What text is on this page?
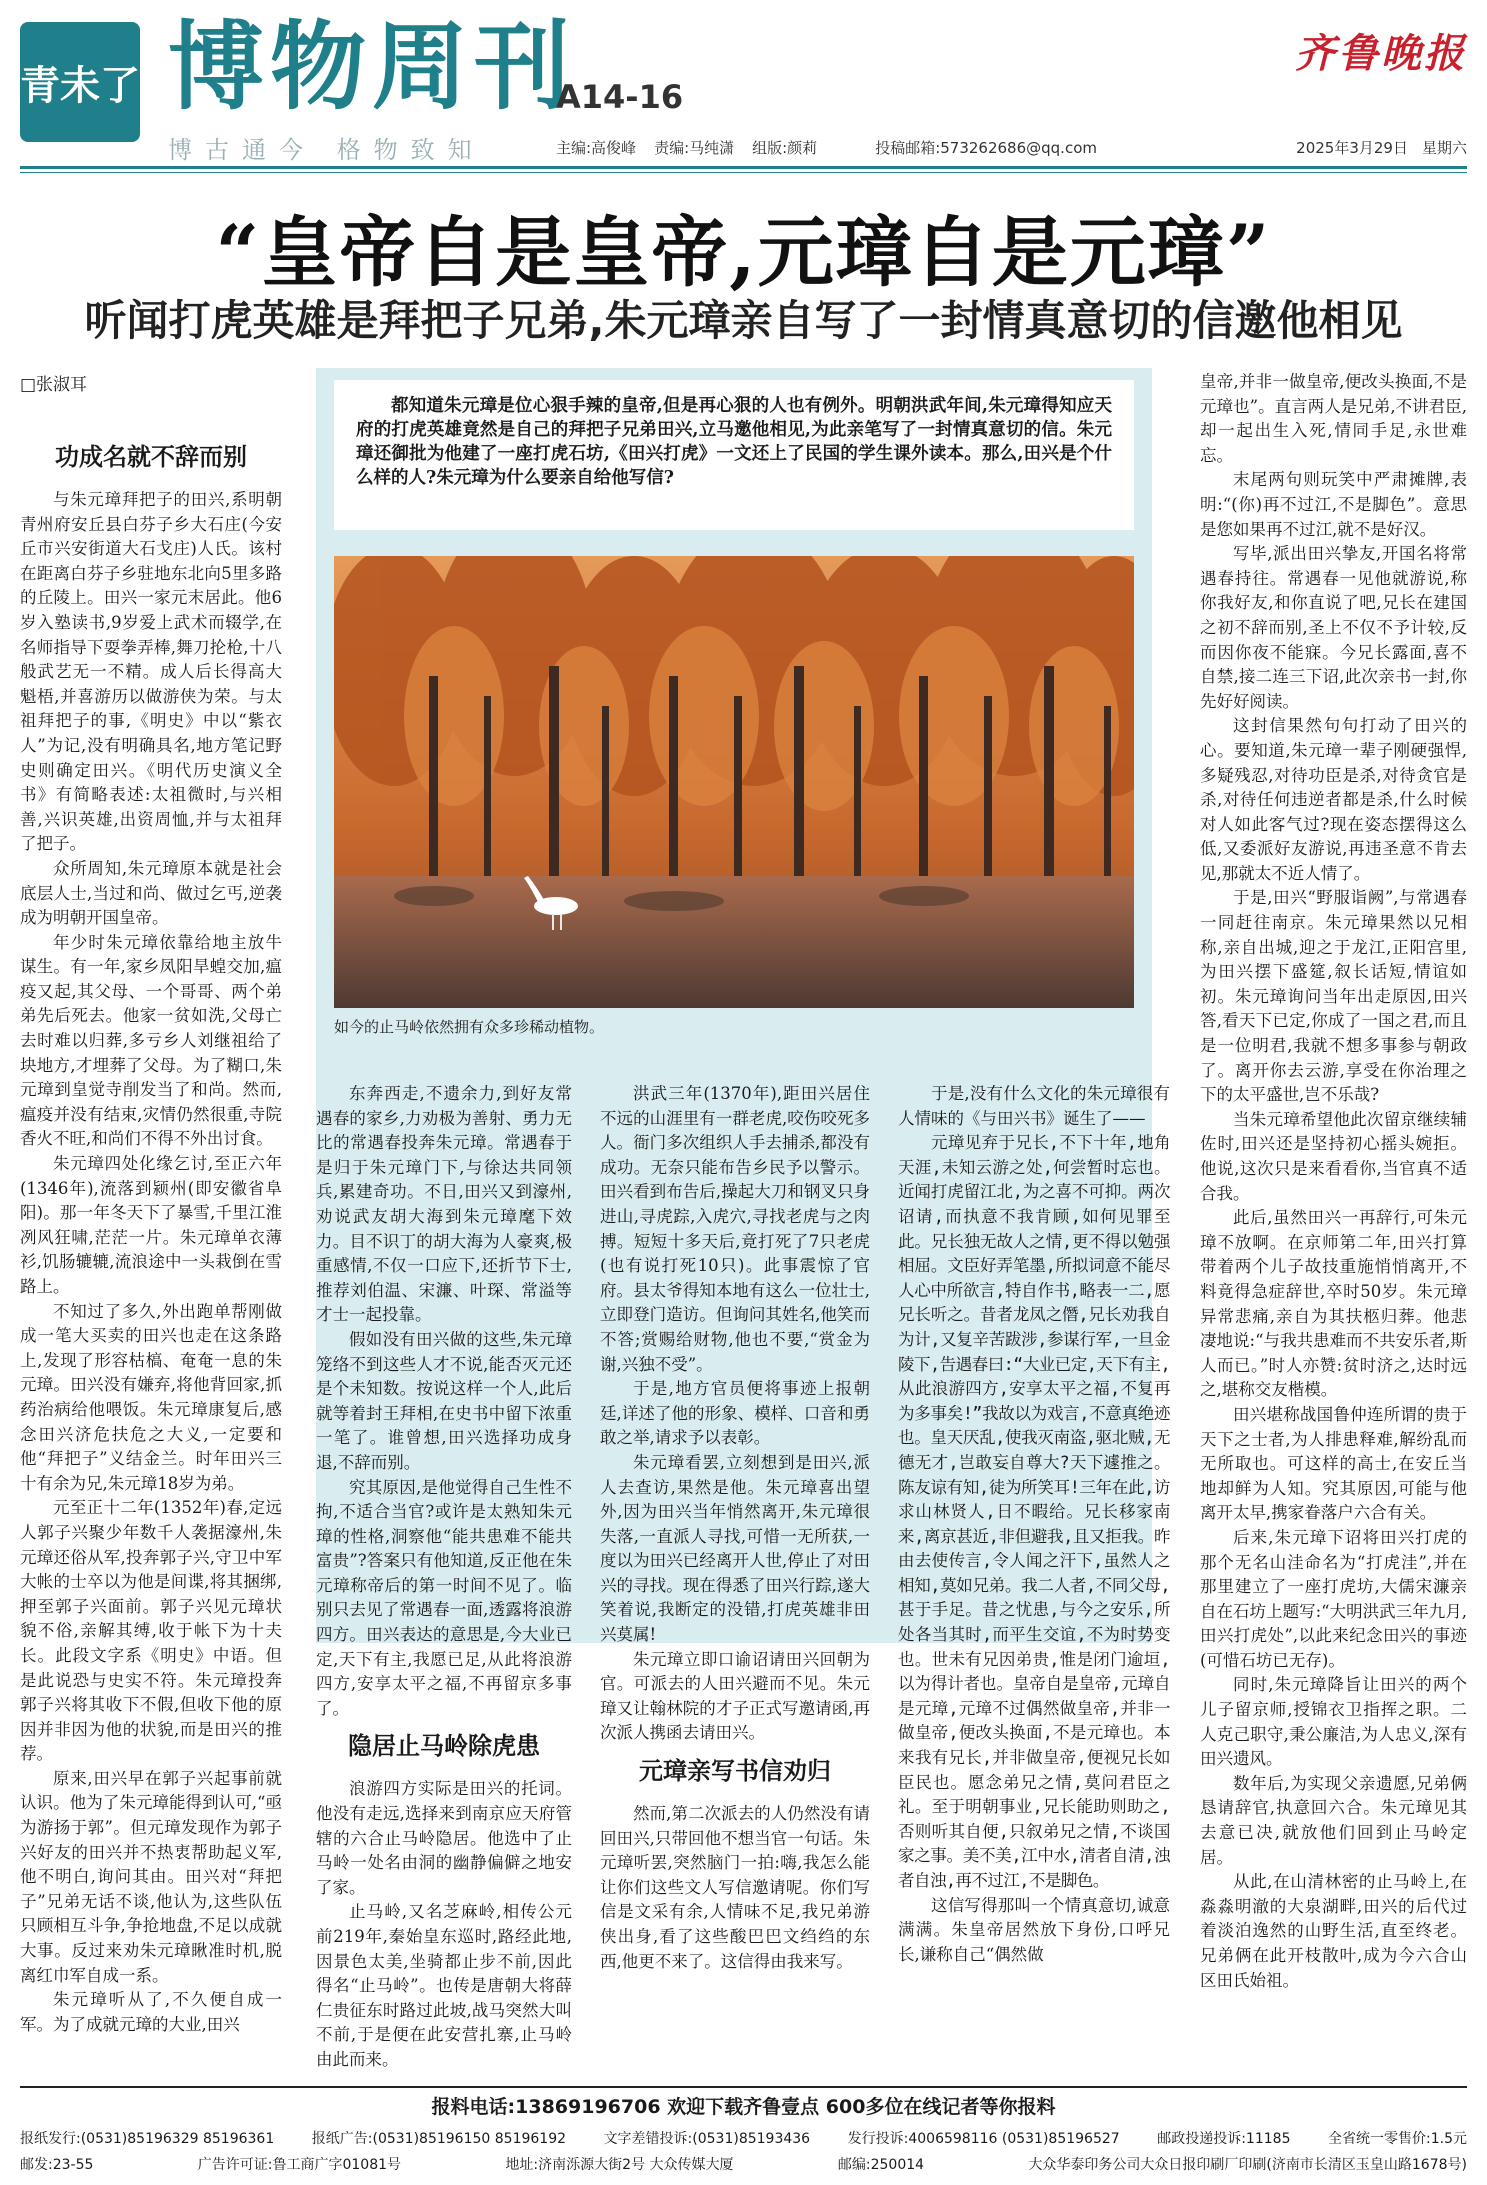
青未了 博物周刊
A14-16
博古通今 格物致知	主编:高俊峰 责编:马纯潇 组版:颜莉	投稿邮箱:573262686@qq.com	2025年3月29日 星期六
齐鲁晚报
“皇帝自是皇帝,元璋自是元璋”
听闻打虎英雄是拜把子兄弟,朱元璋亲自写了一封情真意切的信邀他相见
□张淑耳
都知道朱元璋是位心狠手辣的皇帝,但是再心狠的人也有例外。明朝洪武年间,朱元璋得知应天府的打虎英雄竟然是自己的拜把子兄弟田兴,立马邀他相见,为此亲笔写了一封情真意切的信。朱元璋还御批为他建了一座打虎石坊,《田兴打虎》一文还上了民国的学生课外读本。那么,田兴是个什么样的人?朱元璋为什么要亲自给他写信?
如今的止马岭依然拥有众多珍稀动植物。
功成名就不辞而别

与朱元璋拜把子的田兴,系明朝青州府安丘县白芬子乡大石庄(今安丘市兴安街道大石戈庄)人氏。该村在距离白芬子乡驻地东北向5里多路的丘陵上。田兴一家元末居此。他6岁入塾读书,9岁爱上武术而辍学,在名师指导下耍拳弄棒,舞刀抡枪,十八般武艺无一不精。成人后长得高大魁梧,并喜游历以做游侠为荣。与太祖拜把子的事,《明史》中以“紫衣人”为记,没有明确具名,地方笔记野史则确定田兴。《明代历史演义全书》有简略表述:太祖微时,与兴相善,兴识英雄,出资周恤,并与太祖拜了把子。

众所周知,朱元璋原本就是社会底层人士,当过和尚、做过乞丐,逆袭成为明朝开国皇帝。

年少时朱元璋依靠给地主放牛谋生。有一年,家乡凤阳旱蝗交加,瘟疫又起,其父母、一个哥哥、两个弟弟先后死去。他家一贫如洗,父母亡去时难以归葬,多亏乡人刘继祖给了块地方,才埋葬了父母。为了糊口,朱元璋到皇觉寺削发当了和尚。然而,瘟疫并没有结束,灾情仍然很重,寺院香火不旺,和尚们不得不外出讨食。

朱元璋四处化缘乞讨,至正六年(1346年),流落到颍州(即安徽省阜阳)。那一年冬天下了暴雪,千里江淮冽风狂啸,茫茫一片。朱元璋单衣薄衫,饥肠辘辘,流浪途中一头栽倒在雪路上。

不知过了多久,外出跑单帮刚做成一笔大买卖的田兴也走在这条路上,发现了形容枯槁、奄奄一息的朱元璋。田兴没有嫌弃,将他背回家,抓药治病给他喂饭。朱元璋康复后,感念田兴济危扶危之大义,一定要和他“拜把子”义结金兰。时年田兴三十有余为兄,朱元璋18岁为弟。

元至正十二年(1352年)春,定远人郭子兴聚少年数千人袭据濠州,朱元璋还俗从军,投奔郭子兴,守卫中军大帐的士卒以为他是间谍,将其捆绑,押至郭子兴面前。郭子兴见元璋状貌不俗,亲解其缚,收于帐下为十夫长。此段文字系《明史》中语。但是此说恐与史实不符。朱元璋投奔郭子兴将其收下不假,但收下他的原因并非因为他的状貌,而是田兴的推荐。

原来,田兴早在郭子兴起事前就认识。他为了朱元璋能得到认可,“亟为游扬于郭”。但元璋发现作为郭子兴好友的田兴并不热衷帮助起义军,他不明白,询问其由。田兴对“拜把子”兄弟无话不谈,他认为,这些队伍只顾相互斗争,争抢地盘,不足以成就大事。反过来劝朱元璋瞅准时机,脱离红巾军自成一系。

朱元璋听从了,不久便自成一军。为了成就元璋的大业,田兴

东奔西走,不遗余力,到好友常遇春的家乡,力劝极为善射、勇力无比的常遇春投奔朱元璋。常遇春于是归于朱元璋门下,与徐达共同领兵,累建奇功。不日,田兴又到濠州,劝说武友胡大海到朱元璋麾下效力。目不识丁的胡大海为人豪爽,极重感情,不仅一口应下,还折节下士,推荐刘伯温、宋濂、叶琛、常溢等才士一起投靠。

假如没有田兴做的这些,朱元璋笼络不到这些人才不说,能否灭元还是个未知数。按说这样一个人,此后就等着封王拜相,在史书中留下浓重一笔了。谁曾想,田兴选择功成身退,不辞而别。

究其原因,是他觉得自己生性不拘,不适合当官?或许是太熟知朱元璋的性格,洞察他“能共患难不能共富贵”?答案只有他知道,反正他在朱元璋称帝后的第一时间不见了。临别只去见了常遇春一面,透露将浪游四方。田兴表达的意思是,今大业已定,天下有主,我愿已足,从此将浪游四方,安享太平之福,不再留京多事了。

隐居止马岭除虎患

浪游四方实际是田兴的托词。他没有走远,选择来到南京应天府管辖的六合止马岭隐居。他选中了止马岭一处名由洞的幽静偏僻之地安了家。

止马岭,又名芝麻岭,相传公元前219年,秦始皇东巡时,路经此地,因景色太美,坐骑都止步不前,因此得名“止马岭”。也传是唐朝大将薛仁贵征东时路过此坡,战马突然大叫不前,于是便在此安营扎寨,止马岭由此而来。

洪武三年(1370年),距田兴居住不远的山涯里有一群老虎,咬伤咬死多人。衙门多次组织人手去捕杀,都没有成功。无奈只能布告乡民予以警示。田兴看到布告后,操起大刀和钢叉只身进山,寻虎踪,入虎穴,寻找老虎与之肉搏。短短十多天后,竟打死了7只老虎(也有说打死10只)。此事震惊了官府。县太爷得知本地有这么一位壮士,立即登门造访。但询问其姓名,他笑而不答;赏赐给财物,他也不要,“赏金为谢,兴独不受”。

于是,地方官员便将事迹上报朝廷,详述了他的形象、模样、口音和勇敢之举,请求予以表彰。

朱元璋看罢,立刻想到是田兴,派人去查访,果然是他。朱元璋喜出望外,因为田兴当年悄然离开,朱元璋很失落,一直派人寻找,可惜一无所获,一度以为田兴已经离开人世,停止了对田兴的寻找。现在得悉了田兴行踪,遂大笑着说,我断定的没错,打虎英雄非田兴莫属!

朱元璋立即口谕诏请田兴回朝为官。可派去的人田兴避而不见。朱元璋又让翰林院的才子正式写邀请函,再次派人携函去请田兴。

元璋亲写书信劝归

然而,第二次派去的人仍然没有请回田兴,只带回他不想当官一句话。朱元璋听罢,突然脑门一拍:嗨,我怎么能让你们这些文人写信邀请呢。你们写信是文采有余,人情味不足,我兄弟游侠出身,看了这些酸巴巴文绉绉的东西,他更不来了。这信得由我来写。

于是,没有什么文化的朱元璋很有人情味的《与田兴书》诞生了——

元璋见弃于兄长,不下十年,地角天涯,未知云游之处,何尝暂时忘也。近闻打虎留江北,为之喜不可抑。两次诏请,而执意不我肯顾,如何见罪至此。兄长独无故人之情,更不得以勉强相屈。文臣好弄笔墨,所拟词意不能尽人心中所欲言,特自作书,略表一二,愿兄长听之。昔者龙凤之僭,兄长劝我自为计,又复辛苦跋涉,参谋行军,一旦金陵下,告遇春曰:“大业已定,天下有主,从此浪游四方,安享太平之福,不复再为多事矣!”我故以为戏言,不意真绝迹也。皇天厌乱,使我灭南盗,驱北贼,无德无才,岂敢妄自尊大?天下遽推之。陈友谅有知,徒为所笑耳!三年在此,访求山林贤人,日不暇给。兄长移家南来,离京甚近,非但避我,且又拒我。昨由去使传言,令人闻之汗下,虽然人之相知,莫如兄弟。我二人者,不同父母,甚于手足。昔之忧患,与今之安乐,所处各当其时,而平生交谊,不为时势变也。世未有兄因弟贵,惟是闭门逾垣,以为得计者也。皇帝自是皇帝,元璋自是元璋,元璋不过偶然做皇帝,并非一做皇帝,便改头换面,不是元璋也。本来我有兄长,并非做皇帝,便视兄长如臣民也。愿念弟兄之情,莫问君臣之礼。至于明朝事业,兄长能助则助之,否则听其自便,只叙弟兄之情,不谈国家之事。美不美,江中水,清者自清,浊者自浊,再不过江,不是脚色。

这信写得那叫一个情真意切,诚意满满。朱皇帝居然放下身份,口呼兄长,谦称自己“偶然做

皇帝,并非一做皇帝,便改头换面,不是元璋也”。直言两人是兄弟,不讲君臣,却一起出生入死,情同手足,永世难忘。

末尾两句则玩笑中严肃摊牌,表明:“(你)再不过江,不是脚色”。意思是您如果再不过江,就不是好汉。

写毕,派出田兴挚友,开国名将常遇春持往。常遇春一见他就游说,称你我好友,和你直说了吧,兄长在建国之初不辞而别,圣上不仅不予计较,反而因你夜不能寐。今兄长露面,喜不自禁,接二连三下诏,此次亲书一封,你先好好阅读。

这封信果然句句打动了田兴的心。要知道,朱元璋一辈子刚硬强悍,多疑残忍,对待功臣是杀,对待贪官是杀,对待任何违逆者都是杀,什么时候对人如此客气过?现在姿态摆得这么低,又委派好友游说,再违圣意不肯去见,那就太不近人情了。

于是,田兴“野服诣阙”,与常遇春一同赶往南京。朱元璋果然以兄相称,亲自出城,迎之于龙江,正阳宫里,为田兴摆下盛筵,叙长话短,情谊如初。朱元璋询问当年出走原因,田兴答,看天下已定,你成了一国之君,而且是一位明君,我就不想多事参与朝政了。离开你去云游,享受在你治理之下的太平盛世,岂不乐哉?

当朱元璋希望他此次留京继续辅佐时,田兴还是坚持初心摇头婉拒。他说,这次只是来看看你,当官真不适合我。

此后,虽然田兴一再辞行,可朱元璋不放啊。在京师第二年,田兴打算带着两个儿子故技重施悄悄离开,不料竟得急症辞世,卒时50岁。朱元璋异常悲痛,亲自为其扶柩归葬。他悲凄地说:“与我共患难而不共安乐者,斯人而已。”时人亦赞:贫时济之,达时远之,堪称交友楷模。

田兴堪称战国鲁仲连所谓的贵于天下之士者,为人排患释难,解纷乱而无所取也。可这样的高士,在安丘当地却鲜为人知。究其原因,可能与他离开太早,携家眷落户六合有关。

后来,朱元璋下诏将田兴打虎的那个无名山洼命名为“打虎洼”,并在那里建立了一座打虎坊,大儒宋濂亲自在石坊上题写:“大明洪武三年九月,田兴打虎处”,以此来纪念田兴的事迹(可惜石坊已无存)。

同时,朱元璋降旨让田兴的两个儿子留京师,授锦衣卫指挥之职。二人克己职守,秉公廉洁,为人忠义,深有田兴遗风。

数年后,为实现父亲遗愿,兄弟俩恳请辞官,执意回六合。朱元璋见其去意已决,就放他们回到止马岭定居。

从此,在山清林密的止马岭上,在淼淼明澈的大泉湖畔,田兴的后代过着淡泊逸然的山野生活,直至终老。兄弟俩在此开枝散叶,成为今六合山区田氏始祖。

报料电话:13869196706 欢迎下载齐鲁壹点 600多位在线记者等你报料
报纸发行:(0531)85196329 85196361	报纸广告:(0531)85196150 85196192	文字差错投诉:(0531)85193436	发行投诉:4006598116 (0531)85196527	邮政投递投诉:11185	全省统一零售价:1.5元
邮发:23-55	广告许可证:鲁工商广字01081号	地址:济南泺源大街2号 大众传媒大厦	邮编:250014	大众华泰印务公司大众日报印刷厂印刷(济南市长清区玉皇山路1678号)
